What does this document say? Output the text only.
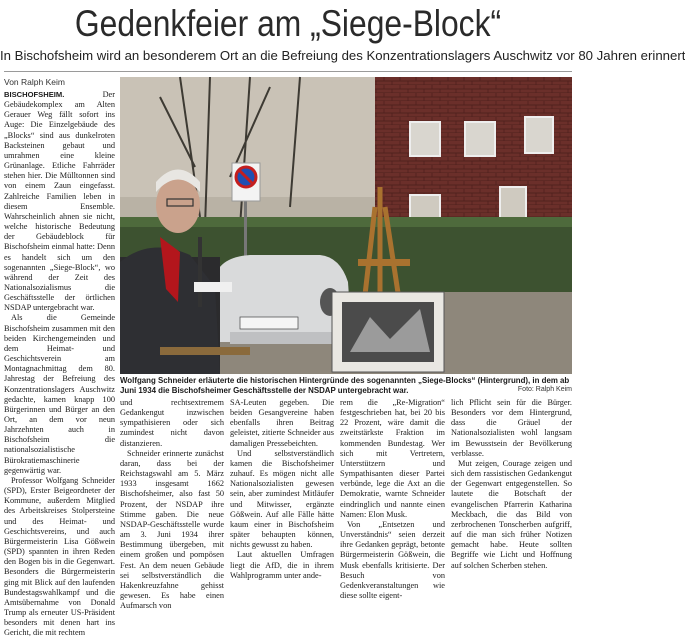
Gedenkfeier am „Siege-Block“
In Bischofsheim wird an besonderem Ort an die Befreiung des Konzentrationslagers Auschwitz vor 80 Jahren erinnert
Von Ralph Keim

BISCHOFSHEIM.	Der Gebäudekomplex am Alten Gerauer Weg fällt sofort ins Auge: Die Einzelgebäude des „Blocks“ sind aus dunkelroten Backsteinen gebaut und umrahmen eine kleine Grünanlage. Etliche Fahrräder stehen hier. Die Mülltonnen sind von einem Zaun eingefasst. Zahlreiche Familien leben in diesem Ensemble. Wahrscheinlich ahnen sie nicht, welche historische Bedeutung der Gebäudeblock für Bischofsheim einmal hatte: Denn es handelt sich um den sogenannten „Siege-Block“, wo während der Zeit des Nationalsozialismus die Geschäftsstelle der örtlichen NSDAP untergebracht war.

Als die Gemeinde Bischofsheim zusammen mit den beiden Kirchengemeinden und dem Heimat- und Geschichtsverein am Montagnachmittag dem 80. Jahrestag der Befreiung des Konzentrationslagers Auschwitz gedachte, kamen knapp 100 Bürgerinnen und Bürger an den Ort, an dem vor neun Jahrzehnten auch in Bischofsheim die nationalsozialistische Bürokratiemaschinerie gegenwärtig war.

Professor Wolfgang Schneider (SPD), Erster Beigeordneter der Kommune, außerdem Mitglied des Arbeitskreises Stolpersteine und des Heimat- und Geschichtsvereins, und auch Bürgermeisterin Lisa Gößwein (SPD) spannten in ihren Reden den Bogen bis in die Gegenwart. Besonders die Bürgermeisterin ging mit Blick auf den laufenden Bundestagswahlkampf und die Amtsübernahme von Donald Trump als erneuter US-Präsident besonders mit denen hart ins Gericht, die mit rechtem

Wolfgang Schneider erläuterte die historischen Hintergründe des sogenannten „Siege-Blocks“ (Hintergrund), in dem ab Juni 1934 die Bischofsheimer Geschäftsstelle der NSDAP untergebracht war.	Foto: Ralph Keim

und rechtsextremem Gedankengut inzwischen sympathisieren oder sich zumindest nicht davon distanzieren.

Schneider erinnerte zunächst daran, dass bei der Reichstagswahl am 5. März 1933 insgesamt 1662 Bischofsheimer, also fast 50 Prozent, der NSDAP ihre Stimme gaben. Die neue NSDAP-Geschäftsstelle wurde am 3. Juni 1934 ihrer Bestimmung übergeben, mit einem großen und pompösen Fest. An dem neuen Gebäude sei selbstverständlich die Hakenkreuzfahne gehisst gewesen. Es habe einen Aufmarsch von

SA-Leuten gegeben. Die beiden Gesangvereine haben ebenfalls ihren Beitrag geleistet, zitierte Schneider aus damaligen Pressebeichten.

Und selbstverständlich kamen die Bischofsheimer zuhauf. Es mögen nicht alle Nationalsozialisten gewesen sein, aber zumindest Mitläufer und Mitwisser, ergänzte Gößwein. Auf alle Fälle hätte kaum einer in Bischofsheim später behaupten können, nichts gewusst zu haben.

Laut aktuellen Umfragen liegt die AfD, die in ihrem Wahlprogramm unter ande-

rem die „Re-Migration“ festgeschrieben hat, bei 20 bis 22 Prozent, wäre damit die zweitstärkste Fraktion im kommenden Bundestag. Wer sich mit Vertretern, Unterstützern und Sympathisanten dieser Partei verbünde, lege die Axt an die Demokratie, warnte Schneider eindringlich und nannte einen Namen: Elon Musk.

Von „Entsetzen und Unverständnis“ seien derzeit ihre Gedanken geprägt, betonte Bürgermeisterin Gößwein, die Musk ebenfalls kritisierte. Der Besuch von Gedenkveranstaltungen wie diese sollte eigent-

lich Pflicht sein für die Bürger. Besonders vor dem Hintergrund, dass die Gräuel der Nationalsozialisten wohl langsam im Bewusstsein der Bevölkerung verblasse.

Mut zeigen, Courage zeigen und sich dem rassistischen Gedankengut der Gegenwart entgegenstellen. So lautete die Botschaft der evangelischen Pfarrerin Katharina Meckbach, die das Bild von zerbrochenen Tonscherben aufgriff, auf die man sich früher Notizen gemacht habe. Heute sollten Begriffe wie Licht und Hoffnung auf solchen Scherben stehen.
